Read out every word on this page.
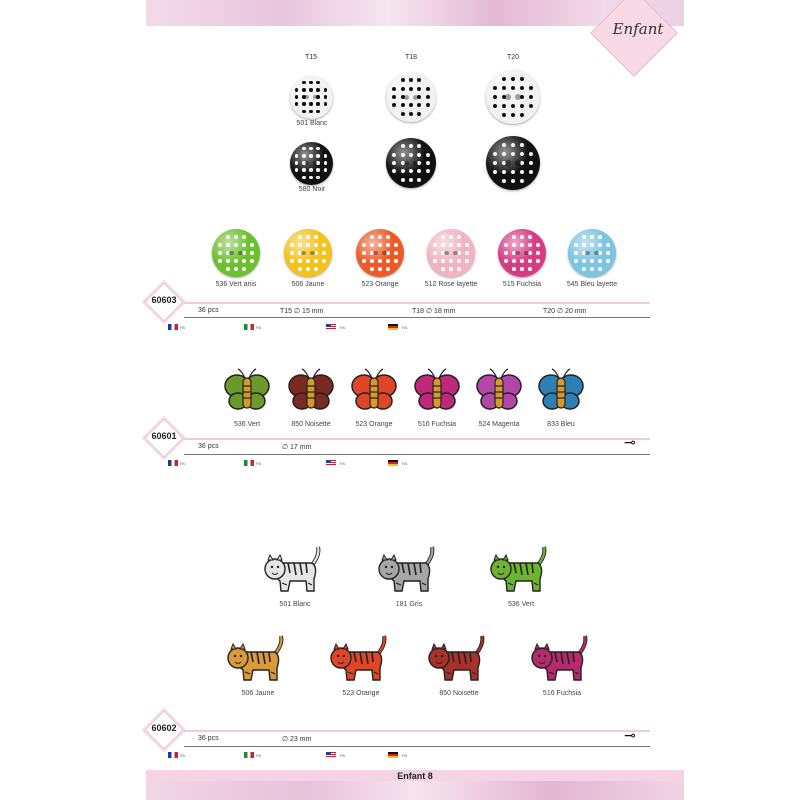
Enfant 8
Enfant
T15	T18	T20
501 Blanc
580 Noir
536 Vert anis	506 Jaune	523 Orange	512 Rose layette	515 Fuchsia	545 Bleu layette
60603
36 pcs	T15 ∅ 15 mm	T18 ∅ 18 mm	T20 ∅ 20 mm
PA	PA	PA	PA
536 Vert	850 Noisette	523 Orange	516 Fuchsia	524 Magenta	833 Bleu
60601
36 pcs	∅ 17 mm	⊸
PA	PA	PA	PA
501 Blanc	181 Gris	536 Vert
506 Jaune	523 Orange	850 Noisette	516 Fuchsia
60602
36 pcs	∅ 23 mm	⊸
PA	PA	PA	PA
